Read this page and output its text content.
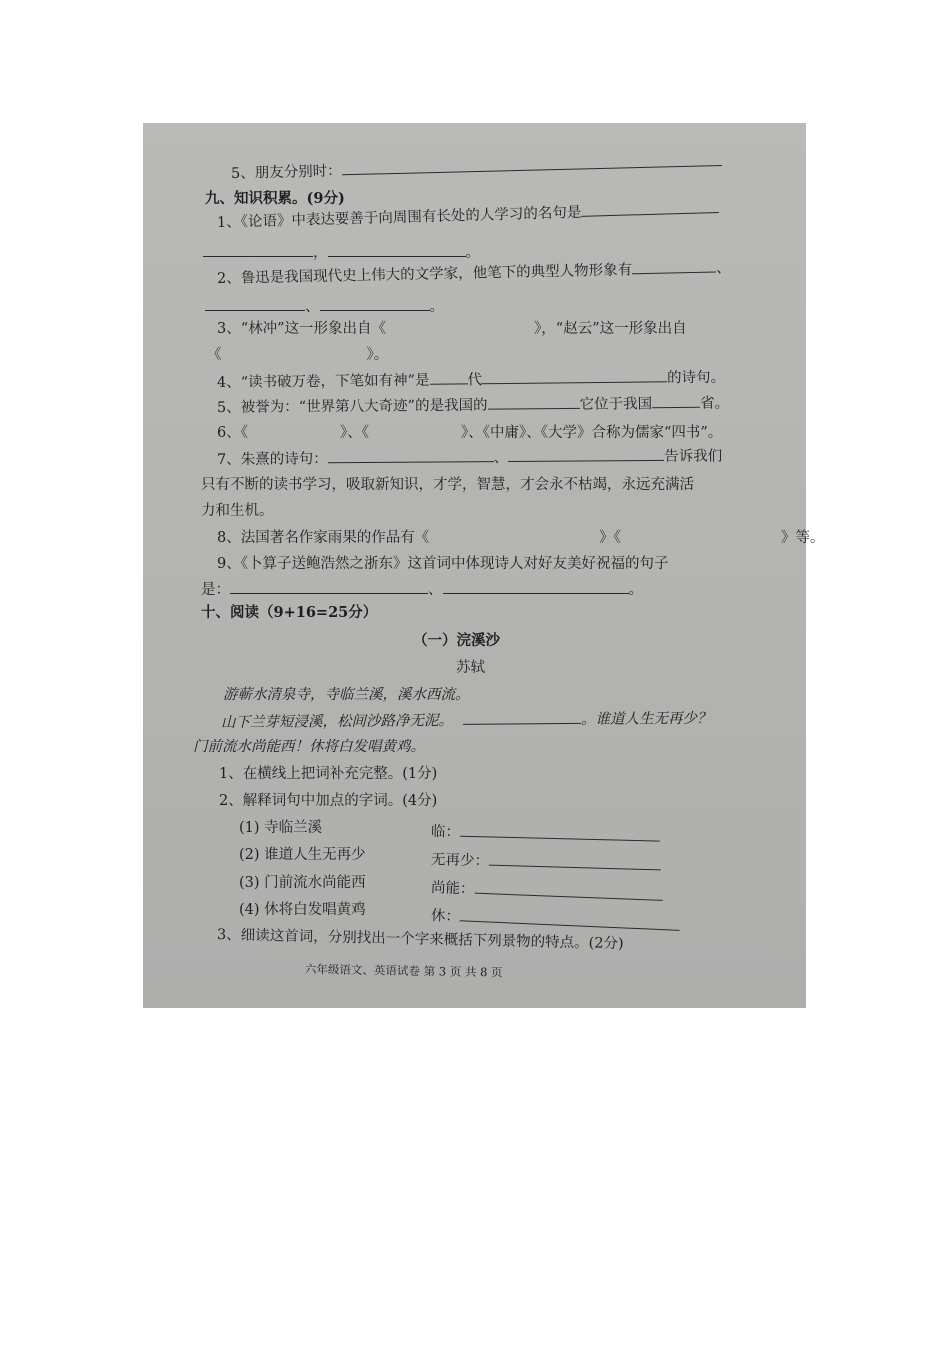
5、朋友分别时：
九、知识积累。(9分)
1、《论语》中表达要善于向周围有长处的人学习的名句是
，	。
2、鲁迅是我国现代史上伟大的文学家，他笔下的典型人物形象有	、
、	。
3、“林冲”这一形象出自《	》，“赵云”这一形象出自
《	》。
4、“读书破万卷，下笔如有神”是	代	的诗句。
5、被誉为：“世界第八大奇迹”的是我国的	它位于我国	省。
6、《	》、《	》、《中庸》、《大学》合称为儒家“四书”。
7、朱熹的诗句：	、	告诉我们
只有不断的读书学习，吸取新知识，才学，智慧，才会永不枯竭，永远充满活
力和生机。
8、法国著名作家雨果的作品有《	》《	》等。
9、《卜算子送鲍浩然之浙东》这首词中体现诗人对好友美好祝福的句子
是：	、	。
十、阅读（9+16=25分）
（一）浣溪沙
苏轼
游蕲水清泉寺，寺临兰溪，溪水西流。
山下兰芽短浸溪，松间沙路净无泥。	。谁道人生无再少？
门前流水尚能西！休将白发唱黄鸡。
1、在横线上把词补充完整。(1分)
2、解释词句中加点的字词。(4分)
(1) 寺临兰溪	临：
(2) 谁道人生无再少	无再少：
(3) 门前流水尚能西	尚能：
(4) 休将白发唱黄鸡	休：
3、细读这首词，分别找出一个字来概括下列景物的特点。(2分)
六年级语文、英语试卷 第 3 页 共 8 页
